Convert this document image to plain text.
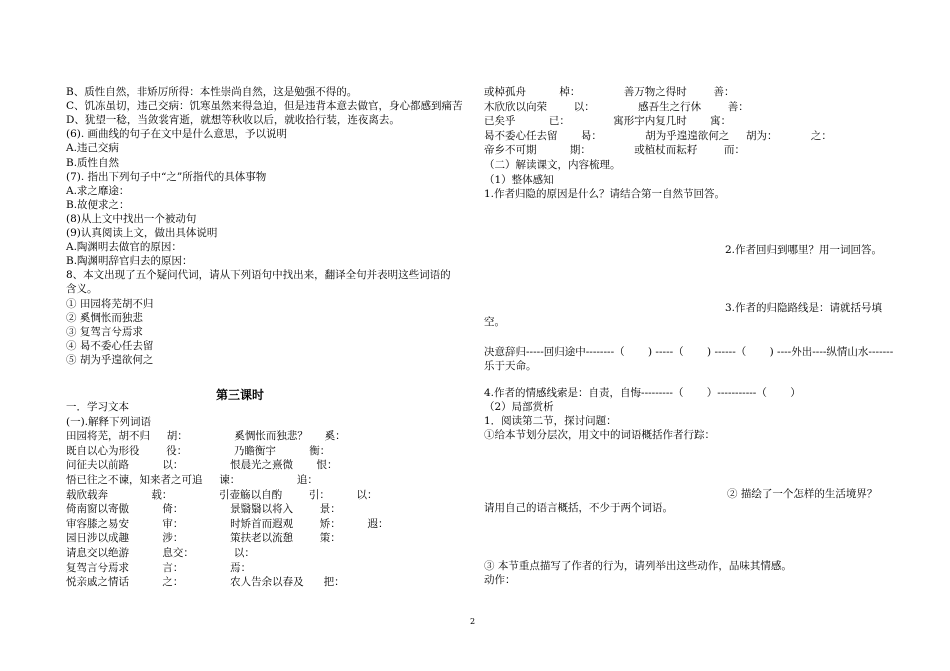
B、质性自然，非矫厉所得：本性崇尚自然，这是勉强不得的。
C、饥冻虽切，违己交病：饥寒虽然来得急迫，但是违背本意去做官，身心都感到痛苦
D、犹望一稔，当敛裳宵逝，就想等秋收以后，就收拾行装，连夜离去。
(6). 画曲线的句子在文中是什么意思，予以说明
A.违己交病
B.质性自然
(7). 指出下列句子中“之”所指代的具体事物
A.求之靡途：
B.故便求之：
(8)从上文中找出一个被动句
(9)认真阅读上文，做出具体说明
A.陶渊明去做官的原因：
B.陶渊明辞官归去的原因：
8、本文出现了五个疑问代词，请从下列语句中找出来，翻译全句并表明这些词语的
含义。
① 田园将芜胡不归
② 奚惆怅而独悲
③ 复驾言兮焉求
④ 曷不委心任去留
⑤ 胡为乎遑欲何之
一．学习文本
(一).解释下列词语
田园将芜，胡不归     胡：              奚惆怅而独悲？     奚：
既自以心为形役        役：              乃瞻衡宇          衡：
问征夫以前路          以：              恨晨光之熹微       恨：
悟已往之不谏，知来者之可追     谏：                 追：
载欣载奔             载：              引壶觞以自酌        引：        以：
倚南窗以寄傲          倚：              景翳翳以将入        景：
审容膝之易安          审：              时矫首而遐观        矫：        遐：
园日涉以成趣          涉：              策扶老以流憩        策：
请息交以绝游          息交：            以：
复驾言兮焉求          言：              焉：
悦亲戚之情话          之：              农人告余以春及      把：
或棹孤舟          棹：             善万物之得时        善：
木欣欣以向荣        以：             感吾生之行休        善：
已矣乎          已：             寓形宇内复几时       寓：
曷不委心任去留       曷：             胡为乎遑遑欲何之     胡为：          之：
帝乡不可期          期：             或植杖而耘耔        而：
（二）解读课文，内容梳理。
（1）整体感知
1.作者归隐的原因是什么？请结合第一自然节回答。
第三课时
2.作者回归到哪里？用一词回答。
3.作者的归隐路线是：请就括号填
空。
决意辞归-----回归途中--------（       ) -----（       ) ------（       ) ----外出----纵情山水-------
乐于天命。
4.作者的情感线索是：自责，自悔---------（       ）-----------（       ）
（2）局部赏析
1．阅读第二节，探讨问题：
①给本节划分层次，用文中的词语概括作者行踪：
② 描绘了一个怎样的生活境界？
请用自己的语言概括，不少于两个词语。
③ 本节重点描写了作者的行为，请列举出这些动作，品味其情感。
动作：
2
